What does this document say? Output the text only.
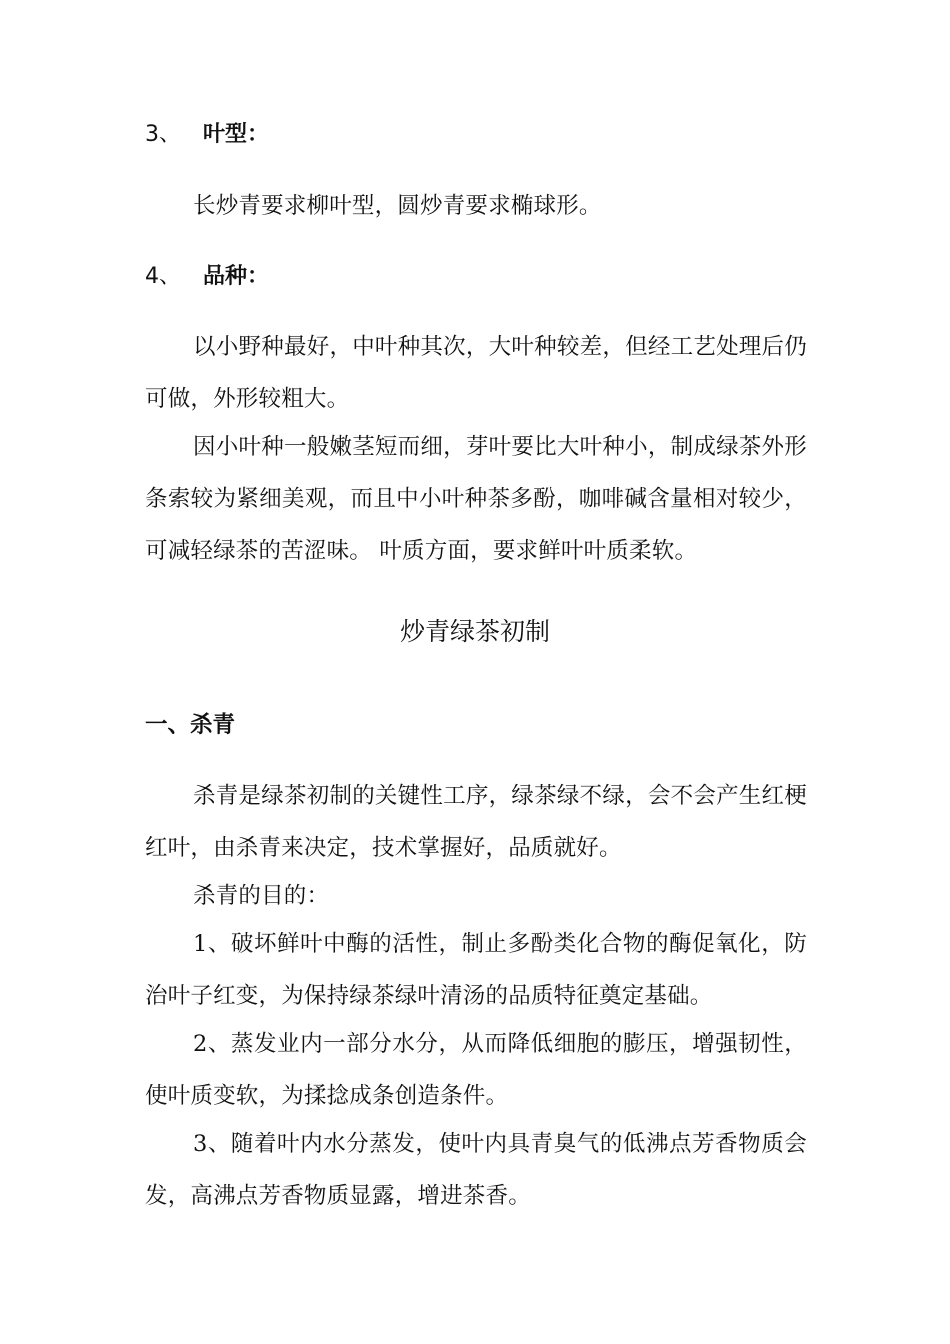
3、 叶型：
长炒青要求柳叶型，圆炒青要求椭球形。
4、 品种：
以小野种最好，中叶种其次，大叶种较差，但经工艺处理后仍可做，外形较粗大。
因小叶种一般嫩茎短而细，芽叶要比大叶种小，制成绿茶外形条索较为紧细美观，而且中小叶种茶多酚，咖啡碱含量相对较少，可减轻绿茶的苦涩味。 叶质方面，要求鲜叶叶质柔软。
炒青绿茶初制
一、杀青
杀青是绿茶初制的关键性工序，绿茶绿不绿，会不会产生红梗红叶，由杀青来决定，技术掌握好，品质就好。
杀青的目的：
1、破坏鲜叶中酶的活性，制止多酚类化合物的酶促氧化，防治叶子红变，为保持绿茶绿叶清汤的品质特征奠定基础。
2、蒸发业内一部分水分，从而降低细胞的膨压，增强韧性，使叶质变软，为揉捻成条创造条件。
3、随着叶内水分蒸发，使叶内具青臭气的低沸点芳香物质会发，高沸点芳香物质显露，增进茶香。
